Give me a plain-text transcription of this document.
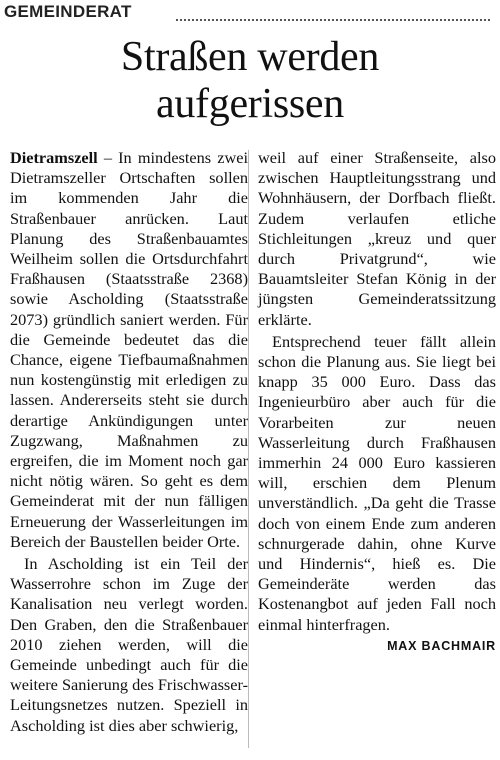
GEMEINDERAT
Straßen werden
aufgerissen

Dietramszell – In mindestens zwei Dietramszeller Ortschaften sollen im kommenden Jahr die Straßenbauer anrücken. Laut Planung des Straßenbauamtes Weilheim sollen die Ortsdurchfahrt Fraßhausen (Staatsstraße 2368) sowie Ascholding (Staatsstraße 2073) gründlich saniert werden. Für die Gemeinde bedeutet das die Chance, eigene Tiefbaumaßnahmen nun kostengünstig mit erledigen zu lassen. Andererseits steht sie durch derartige Ankündigungen unter Zugzwang, Maßnahmen zu ergreifen, die im Moment noch gar nicht nötig wären. So geht es dem Gemeinderat mit der nun fälligen Erneuerung der Wasserleitungen im Bereich der Baustellen beider Orte.

In Ascholding ist ein Teil der Wasserrohre schon im Zuge der Kanalisation neu verlegt worden. Den Graben, den die Straßenbauer 2010 ziehen werden, will die Gemeinde unbedingt auch für die weitere Sanierung des Frischwasser-Leitungsnetzes nutzen. Speziell in Ascholding ist dies aber schwierig,

weil auf einer Straßenseite, also zwischen Hauptleitungsstrang und Wohnhäusern, der Dorfbach fließt. Zudem verlaufen etliche Stichleitungen „kreuz und quer durch Privatgrund“, wie Bauamtsleiter Stefan König in der jüngsten Gemeinderatssitzung erklärte.

Entsprechend teuer fällt allein schon die Planung aus. Sie liegt bei knapp 35 000 Euro. Dass das Ingenieurbüro aber auch für die Vorarbeiten zur neuen Wasserleitung durch Fraßhausen immerhin 24 000 Euro kassieren will, erschien dem Plenum unverständlich. „Da geht die Trasse doch von einem Ende zum anderen schnurgerade dahin, ohne Kurve und Hindernis“, hieß es. Die Gemeinderäte werden das Kostenangbot auf jeden Fall noch einmal hinterfragen.
MAX BACHMAIR
